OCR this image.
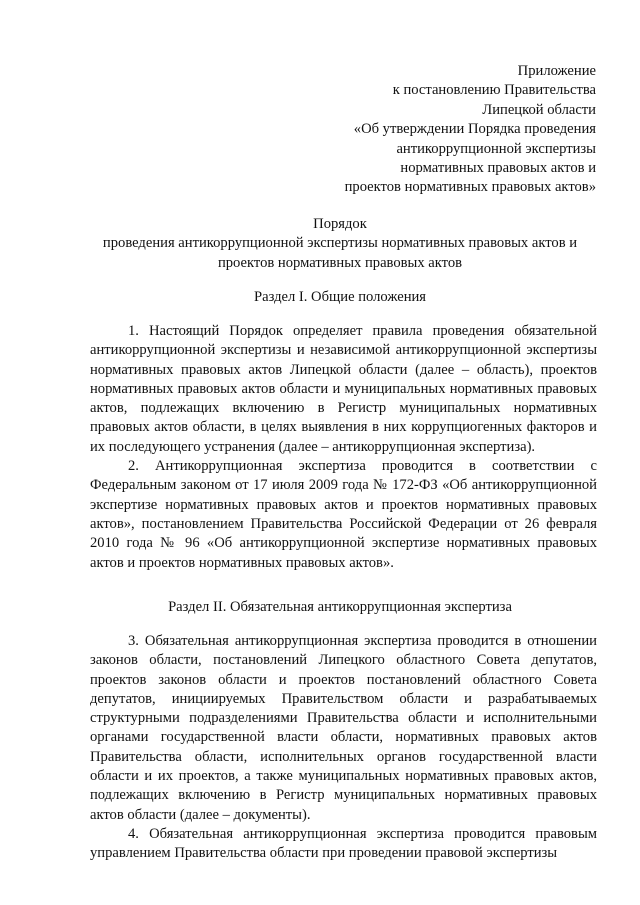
Приложение
к постановлению Правительства
Липецкой области
«Об утверждении Порядка проведения
антикоррупционной экспертизы
нормативных правовых актов и
проектов нормативных правовых актов»
Порядок
проведения антикоррупционной экспертизы нормативных правовых актов и проектов нормативных правовых актов
Раздел I. Общие положения

1. Настоящий Порядок определяет правила проведения обязательной антикоррупционной экспертизы и независимой антикоррупционной экспертизы нормативных правовых актов Липецкой области (далее – область), проектов нормативных правовых актов области и муниципальных нормативных правовых актов, подлежащих включению в Регистр муниципальных нормативных правовых актов области, в целях выявления в них коррупциогенных факторов и их последующего устранения (далее – антикоррупционная экспертиза).

2. Антикоррупционная экспертиза проводится в соответствии с Федеральным законом от 17 июля 2009 года № 172-ФЗ «Об антикоррупционной экспертизе нормативных правовых актов и проектов нормативных правовых актов», постановлением Правительства Российской Федерации от 26 февраля 2010 года № 96 «Об антикоррупционной экспертизе нормативных правовых актов и проектов нормативных правовых актов».

Раздел II. Обязательная антикоррупционная экспертиза

3. Обязательная антикоррупционная экспертиза проводится в отношении законов области, постановлений Липецкого областного Совета депутатов, проектов законов области и проектов постановлений областного Совета депутатов, инициируемых Правительством области и разрабатываемых структурными подразделениями Правительства области и исполнительными органами государственной власти области, нормативных правовых актов Правительства области, исполнительных органов государственной власти области и их проектов, а также муниципальных нормативных правовых актов, подлежащих включению в Регистр муниципальных нормативных правовых актов области (далее – документы).

4. Обязательная антикоррупционная экспертиза проводится правовым управлением Правительства области при проведении правовой экспертизы
